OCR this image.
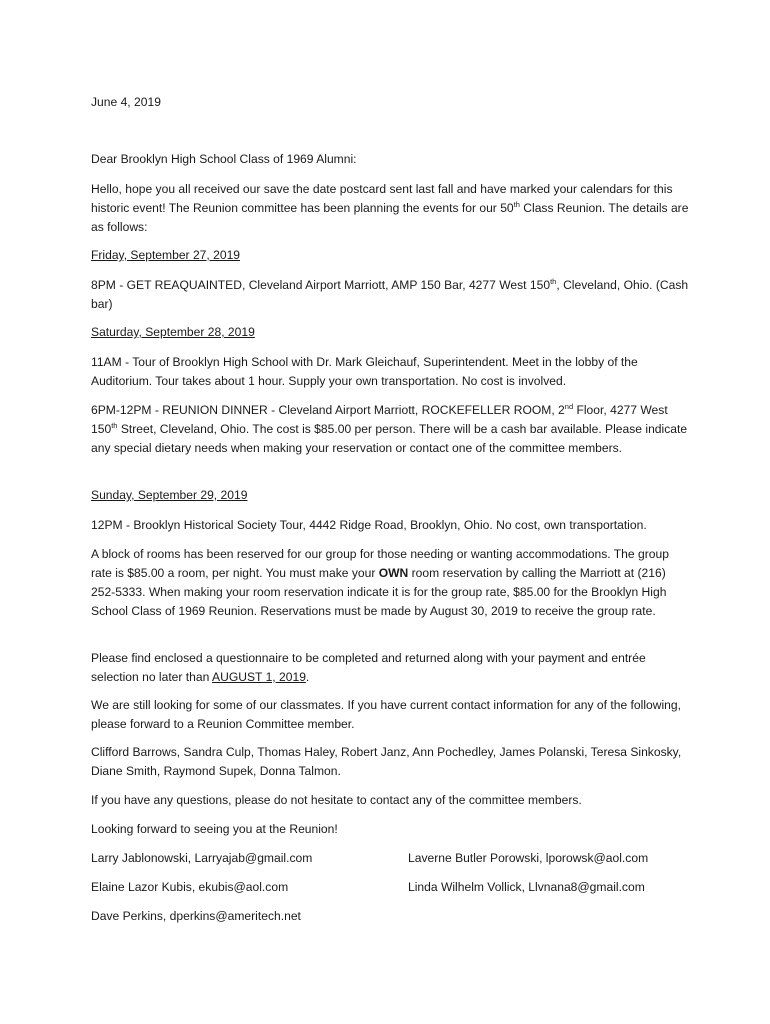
June 4, 2019

Dear Brooklyn High School Class of 1969 Alumni:

Hello, hope you all received our save the date postcard sent last fall and have marked your calendars for this historic event! The Reunion committee has been planning the events for our 50th Class Reunion. The details are as follows:

Friday, September 27, 2019

8PM - GET REAQUAINTED, Cleveland Airport Marriott, AMP 150 Bar, 4277 West 150th, Cleveland, Ohio. (Cash bar)

Saturday, September 28, 2019

11AM - Tour of Brooklyn High School with Dr. Mark Gleichauf, Superintendent. Meet in the lobby of the Auditorium. Tour takes about 1 hour. Supply your own transportation. No cost is involved.

6PM-12PM - REUNION DINNER - Cleveland Airport Marriott, ROCKEFELLER ROOM, 2nd Floor, 4277 West 150th Street, Cleveland, Ohio. The cost is $85.00 per person. There will be a cash bar available. Please indicate any special dietary needs when making your reservation or contact one of the committee members.

Sunday, September 29, 2019

12PM - Brooklyn Historical Society Tour, 4442 Ridge Road, Brooklyn, Ohio. No cost, own transportation.

A block of rooms has been reserved for our group for those needing or wanting accommodations. The group rate is $85.00 a room, per night. You must make your OWN room reservation by calling the Marriott at (216) 252-5333. When making your room reservation indicate it is for the group rate, $85.00 for the Brooklyn High School Class of 1969 Reunion. Reservations must be made by August 30, 2019 to receive the group rate.

Please find enclosed a questionnaire to be completed and returned along with your payment and entrée selection no later than AUGUST 1, 2019.

We are still looking for some of our classmates. If you have current contact information for any of the following, please forward to a Reunion Committee member.

Clifford Barrows, Sandra Culp, Thomas Haley, Robert Janz, Ann Pochedley, James Polanski, Teresa Sinkosky, Diane Smith, Raymond Supek, Donna Talmon.

If you have any questions, please do not hesitate to contact any of the committee members.

Looking forward to seeing you at the Reunion!

Larry Jablonowski, Larryajab@gmail.com	Laverne Butler Porowski, lporowsk@aol.com

Elaine Lazor Kubis, ekubis@aol.com	Linda Wilhelm Vollick, Llvnana8@gmail.com

Dave Perkins, dperkins@ameritech.net
